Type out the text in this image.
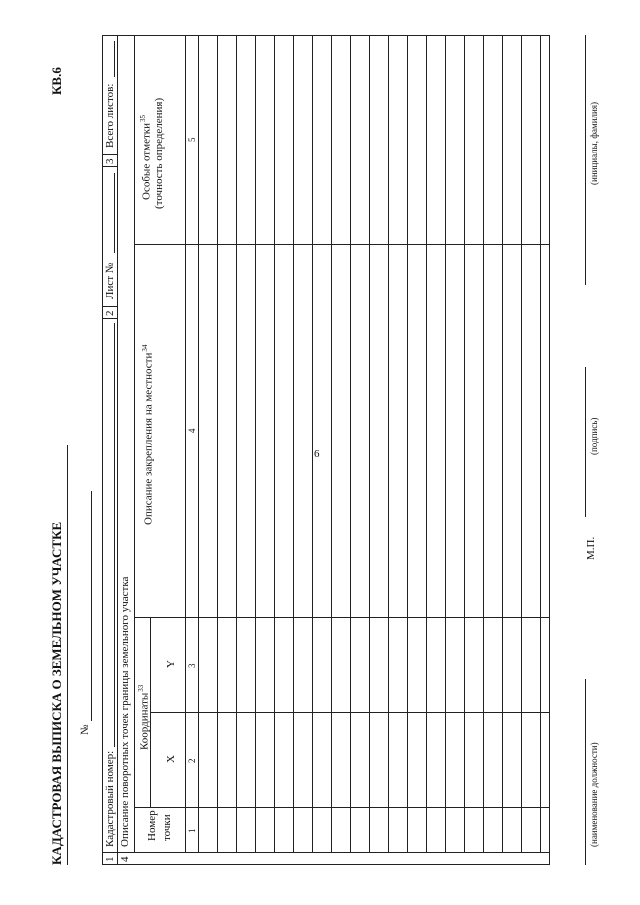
6
КВ.6
КАДАСТРОВАЯ ВЫПИСКА О ЗЕМЕЛЬНОМ УЧАСТКЕ №
1
Кадастровый номер:
2
Лист №
3
Всего листов:
4
Описание поворотных точек границы земельного участка Номер точки
Координаты$^{33}$
X
Y
Описание закрепления на местности$^{34}$
Особые отметки$^{35}$ (точность определения)
1
2
3
4
5
(наименование должности)
М.П.
(подпись)
(инициалы, фамилия)
